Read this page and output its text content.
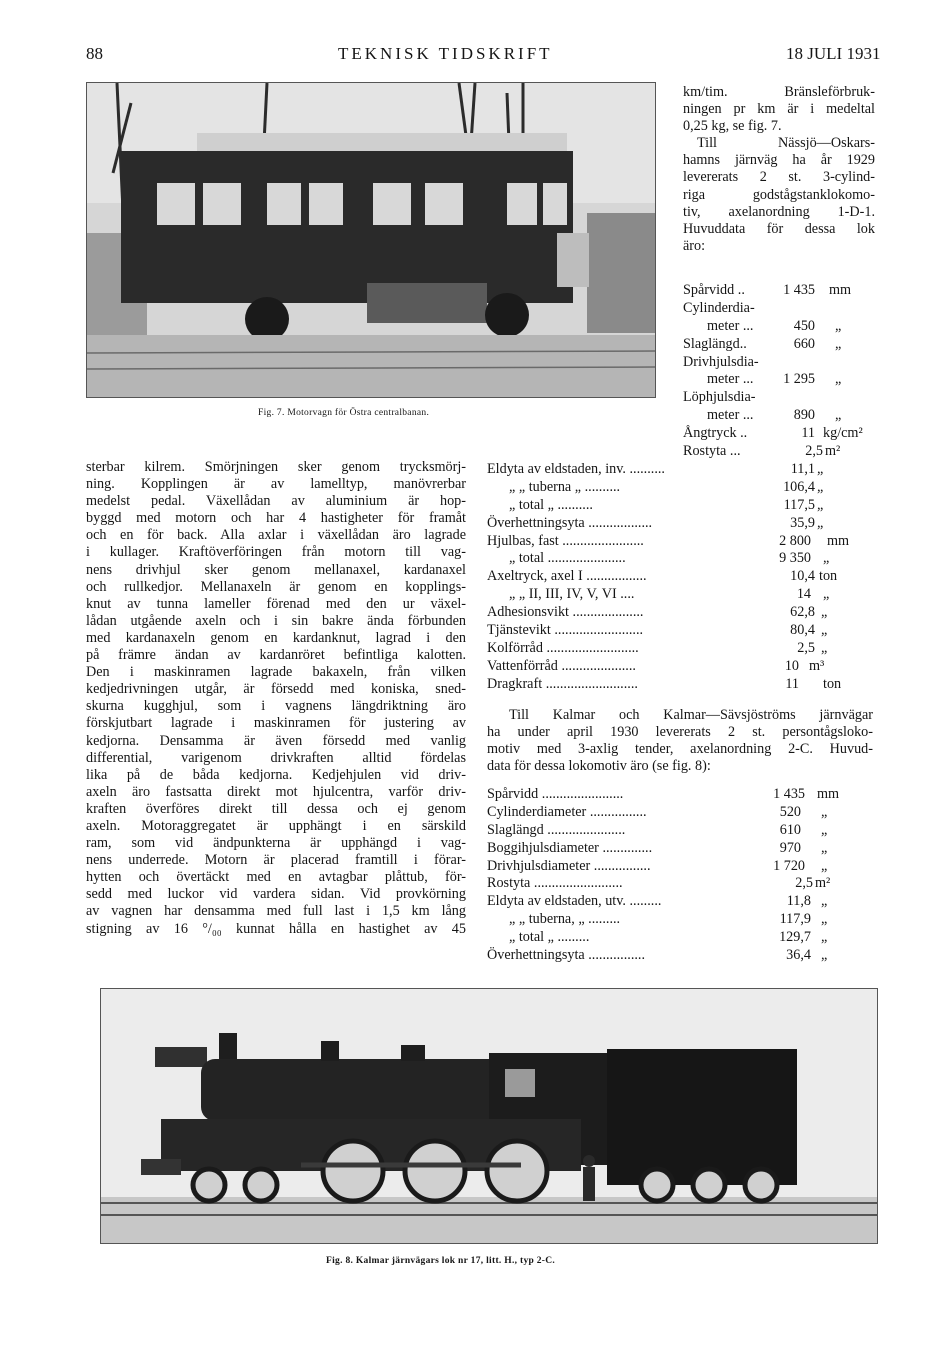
88	TEKNISK TIDSKRIFT	18 JULI 1931
Fig. 7. Motorvagn för Östra centralbanan.
km/tim. Bränsleförbruk-
ningen pr km är i medeltal
0,25 kg, se fig. 7.
Till Nässjö—Oskars-
hamns järnväg ha år 1929
levererats 2 st. 3-cylind-
riga godstågstanklokomo-
tiv, axelanordning 1-D-1.
Huvuddata för dessa lok
äro:
Spårvidd ..	1 435 mm
Cylinderdia-
meter ...	450 „
Slaglängd..	660 „
Drivhjulsdia-
meter ...	1 295 „
Löphjulsdia-
meter ...	890 „
Ångtryck ..	11 kg/cm²
Rostyta ...	2,5 m²
Eldyta av eldstaden, inv. ..........	11,1 „
„ „ tuberna „ ..........	106,4 „
„ total „ ..........	117,5 „
Överhettningsyta ..................	35,9 „
Hjulbas, fast .......................	2 800 mm
„ total ......................	9 350 „
Axeltryck, axel I .................	10,4 ton
„ „ II, III, IV, V, VI ....	14 „
Adhesionsvikt ....................	62,8 „
Tjänstevikt .........................	80,4 „
Kolförråd ..........................	2,5 „
Vattenförråd .....................	10 m³
Dragkraft ..........................	11 ton
Till Kalmar och Kalmar—Sävsjöströms järnvägar
ha under april 1930 levererats 2 st. persontågsloko-
motiv med 3-axlig tender, axelanordning 2-C. Huvud-
data för dessa lokomotiv äro (se fig. 8):
Spårvidd .......................	1 435 mm
Cylinderdiameter ................	520 „
Slaglängd ......................	610 „
Boggihjulsdiameter ..............	970 „
Drivhjulsdiameter ................	1 720 „
Rostyta .........................	2,5 m²
Eldyta av eldstaden, utv. .........	11,8 „
„ „ tuberna, „ .........	117,9 „
„ total „ .........	129,7 „
Överhettningsyta ................	36,4 „
sterbar kilrem. Smörjningen sker genom trycksmörj-
ning. Kopplingen är av lamelltyp, manövrerbar
medelst pedal. Växellådan av aluminium är hop-
byggd med motorn och har 4 hastigheter för framåt
och en för back. Alla axlar i växellådan äro lagrade
i kullager. Kraftöverföringen från motorn till vag-
nens drivhjul sker genom mellanaxel, kardanaxel
och rullkedjor. Mellanaxeln är genom en kopplings-
knut av tunna lameller förenad med den ur växel-
lådan utgående axeln och i sin bakre ända förbunden
med kardanaxeln genom en kardanknut, lagrad i den
på främre ändan av kardanröret befintliga kalotten.
Den i maskinramen lagrade bakaxeln, från vilken
kedjedrivningen utgår, är försedd med koniska, sned-
skurna kugghjul, som i vagnens längdriktning äro
förskjutbart lagrade i maskinramen för justering av
kedjorna. Densamma är även försedd med vanlig
differential, varigenom drivkraften alltid fördelas
lika på de båda kedjorna. Kedjehjulen vid driv-
axeln äro fastsatta direkt mot hjulcentra, varför driv-
kraften överföres direkt till dessa och ej genom
axeln. Motoraggregatet är upphängt i en särskild
ram, som vid ändpunkterna är upphängd i vag-
nens underrede. Motorn är placerad framtill i förar-
hytten och övertäckt med en avtagbar plåttub, för-
sedd med luckor vid vardera sidan. Vid provkörning
av vagnen har densamma med full last i 1,5 km lång
stigning av 16 °/₀₀ kunnat hålla en hastighet av 45
Fig. 8. Kalmar järnvägars lok nr 17, litt. H., typ 2-C.
